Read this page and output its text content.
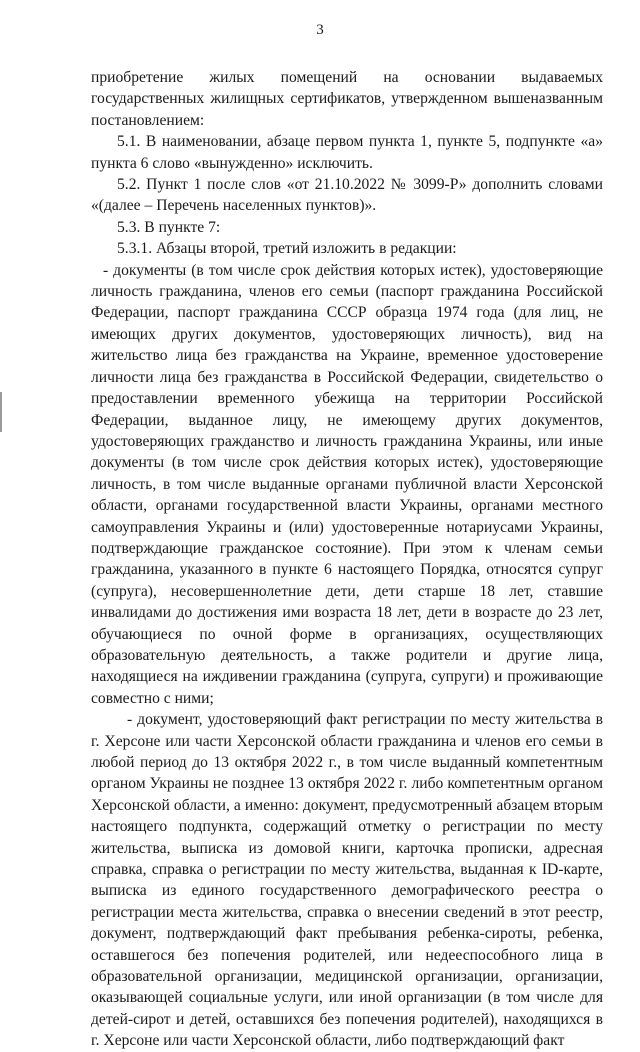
3

приобретение жилых помещений на основании выдаваемых государственных жилищных сертификатов, утвержденном вышеназванным постановлением:

5.1. В наименовании, абзаце первом пункта 1, пункте 5, подпункте «а» пункта 6 слово «вынужденно» исключить.

5.2. Пункт 1 после слов «от 21.10.2022 № 3099-Р» дополнить словами «(далее – Перечень населенных пунктов)».

5.3. В пункте 7:

5.3.1. Абзацы второй, третий изложить в редакции:

- документы (в том числе срок действия которых истек), удостоверяющие личность гражданина, членов его семьи (паспорт гражданина Российской Федерации, паспорт гражданина СССР образца 1974 года (для лиц, не имеющих других документов, удостоверяющих личность), вид на жительство лица без гражданства на Украине, временное удостоверение личности лица без гражданства в Российской Федерации, свидетельство о предоставлении временного убежища на территории Российской Федерации, выданное лицу, не имеющему других документов, удостоверяющих гражданство и личность гражданина Украины, или иные документы (в том числе срок действия которых истек), удостоверяющие личность, в том числе выданные органами публичной власти Херсонской области, органами государственной власти Украины, органами местного самоуправления Украины и (или) удостоверенные нотариусами Украины, подтверждающие гражданское состояние). При этом к членам семьи гражданина, указанного в пункте 6 настоящего Порядка, относятся супруг (супруга), несовершеннолетние дети, дети старше 18 лет, ставшие инвалидами до достижения ими возраста 18 лет, дети в возрасте до 23 лет, обучающиеся по очной форме в организациях, осуществляющих образовательную деятельность, а также родители и другие лица, находящиеся на иждивении гражданина (супруга, супруги) и проживающие совместно с ними;

- документ, удостоверяющий факт регистрации по месту жительства в г. Херсоне или части Херсонской области гражданина и членов его семьи в любой период до 13 октября 2022 г., в том числе выданный компетентным органом Украины не позднее 13 октября 2022 г. либо компетентным органом Херсонской области, а именно: документ, предусмотренный абзацем вторым настоящего подпункта, содержащий отметку о регистрации по месту жительства, выписка из домовой книги, карточка прописки, адресная справка, справка о регистрации по месту жительства, выданная к ID-карте, выписка из единого государственного демографического реестра о регистрации места жительства, справка о внесении сведений в этот реестр, документ, подтверждающий факт пребывания ребенка-сироты, ребенка, оставшегося без попечения родителей, или недееспособного лица в образовательной организации, медицинской организации, организации, оказывающей социальные услуги, или иной организации (в том числе для детей-сирот и детей, оставшихся без попечения родителей), находящихся в г. Херсоне или части Херсонской области, либо подтверждающий факт
